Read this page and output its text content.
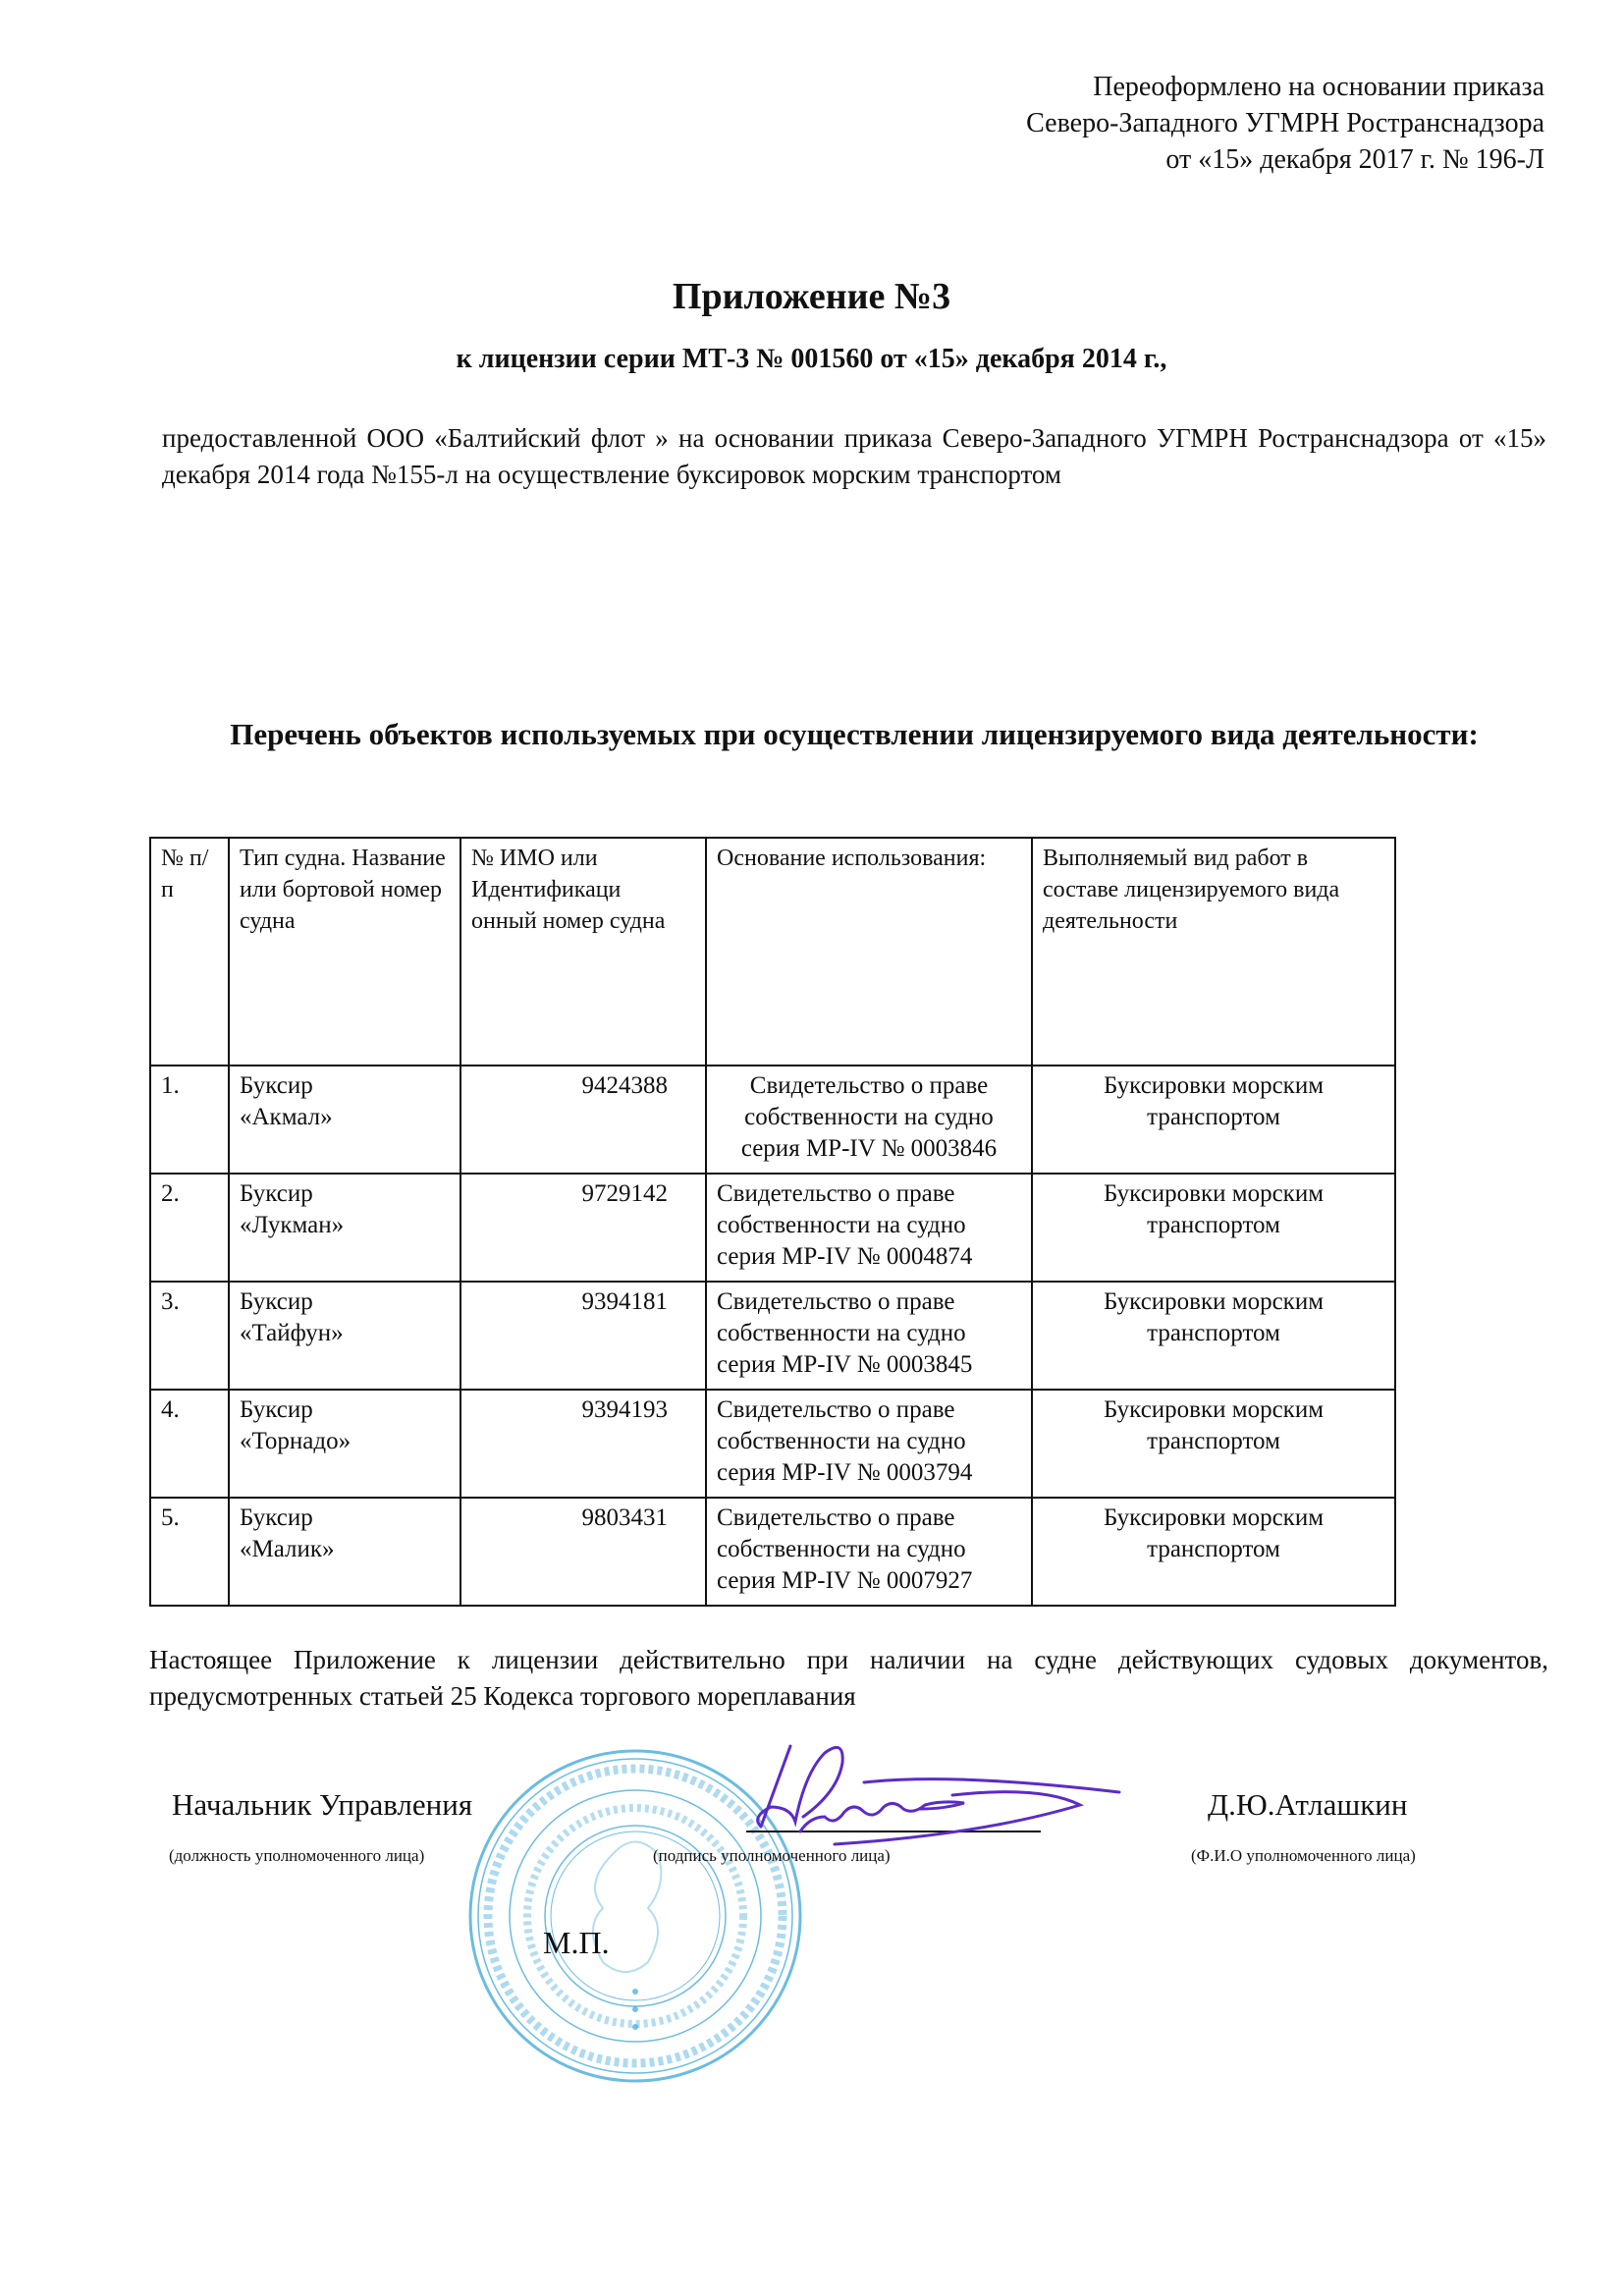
Переоформлено на основании приказа
Северо-Западного УГМРН Ространснадзора
от «15» декабря 2017 г. № 196-Л
Приложение №3
к лицензии серии МТ-3 № 001560 от «15» декабря 2014 г.,
предоставленной ООО «Балтийский флот » на основании приказа Северо-Западного УГМРН Ространснадзора от «15» декабря 2014 года №155-л на осуществление буксировок морским транспортом
Перечень объектов используемых при осуществлении лицензируемого вида деятельности:
№ п/п	Тип судна. Название или бортовой номер судна	№ ИМО или Идентификаци онный номер судна	Основание использования:	Выполняемый вид работ в составе лицензируемого вида деятельности
1.	Буксир
«Акмал»	9424388	Свидетельство о праве
собственности на судно
серия МР-IV № 0003846	Буксировки морским
транспортом

2.	Буксир
«Лукман»	9729142	Свидетельство о праве
собственности на судно
серия МР-IV № 0004874	Буксировки морским
транспортом

3.	Буксир
«Тайфун»	9394181	Свидетельство о праве
собственности на судно
серия МР-IV № 0003845	Буксировки морским
транспортом

4.	Буксир
«Торнадо»	9394193	Свидетельство о праве
собственности на судно
серия МР-IV № 0003794	Буксировки морским
транспортом

5.	Буксир
«Малик»	9803431	Свидетельство о праве
собственности на судно
серия МР-IV № 0007927	Буксировки морским
транспортом
Настоящее Приложение к лицензии действительно при наличии на судне действующих судовых документов, предусмотренных статьей 25 Кодекса торгового мореплавания
Начальник Управления
(должность уполномоченного лица)	(подпись уполномоченного лица)
Д.Ю.Атлашкин
(Ф.И.О уполномоченного лица)
М.П.
